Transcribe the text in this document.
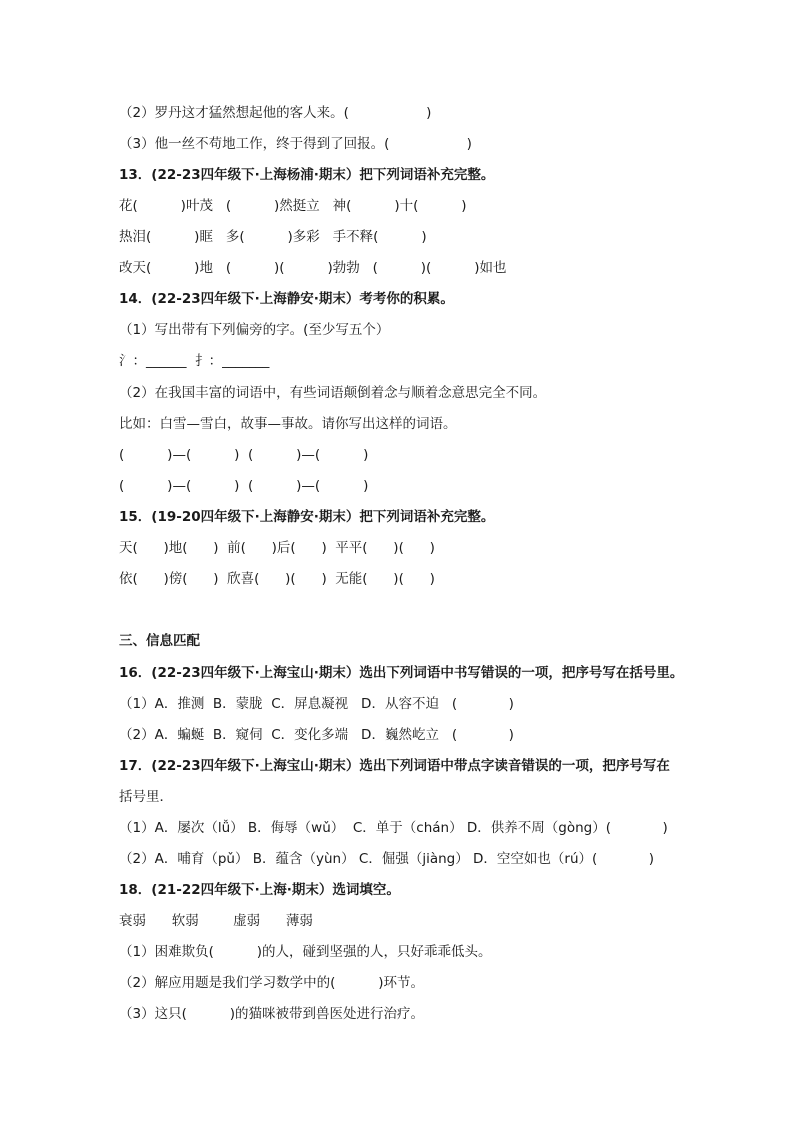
（2）罗丹这才猛然想起他的客人来。(                  )
（3）他一丝不苟地工作，终于得到了回报。(                  )
13．(22-23四年级下·上海杨浦·期末）把下列词语补充完整。
花(          )叶茂   (          )然挺立   神(          )十(          )
热泪(          )眶   多(          )多彩   手不释(          )
改天(          )地   (          )(          )勃勃   (          )(          )如也
14．(22-23四年级下·上海静安·期末）考考你的积累。
（1）写出带有下列偏旁的字。(至少写五个）
氵：______  扌：_______
（2）在我国丰富的词语中，有些词语颠倒着念与顺着念意思完全不同。
比如：白雪—雪白，故事—事故。请你写出这样的词语。
(          )—(          )  (          )—(          )
(          )—(          )  (          )—(          )
15．(19-20四年级下·上海静安·期末）把下列词语补充完整。
天(      )地(      )  前(      )后(      )  平平(      )(      )
依(      )傍(      )  欣喜(      )(      )  无能(      )(      )
三、信息匹配
16．(22-23四年级下·上海宝山·期末）选出下列词语中书写错误的一项，把序号写在括号里。
（1）A．推测  B．蒙胧  C．屏息凝视   D．从容不迫   (            )
（2）A．蝙蜒  B．窥伺  C．变化多端   D．巍然屹立   (            )
17．(22-23四年级下·上海宝山·期末）选出下列词语中带点字读音错误的一项，把序号写在
括号里．
（1）A．屡次（lǚ） B．侮辱（wǔ）  C．单于（chán） D．供养不周（gòng）(            )
（2）A．哺育（pǔ） B．蕴含（yùn） C．倔强（jiàng） D．空空如也（rú）(            )
18．(21-22四年级下·上海·期末）选词填空。
衰弱      软弱        虚弱      薄弱
（1）困难欺负(          )的人，碰到坚强的人，只好乖乖低头。
（2）解应用题是我们学习数学中的(          )环节。
（3）这只(          )的猫咪被带到兽医处进行治疗。
